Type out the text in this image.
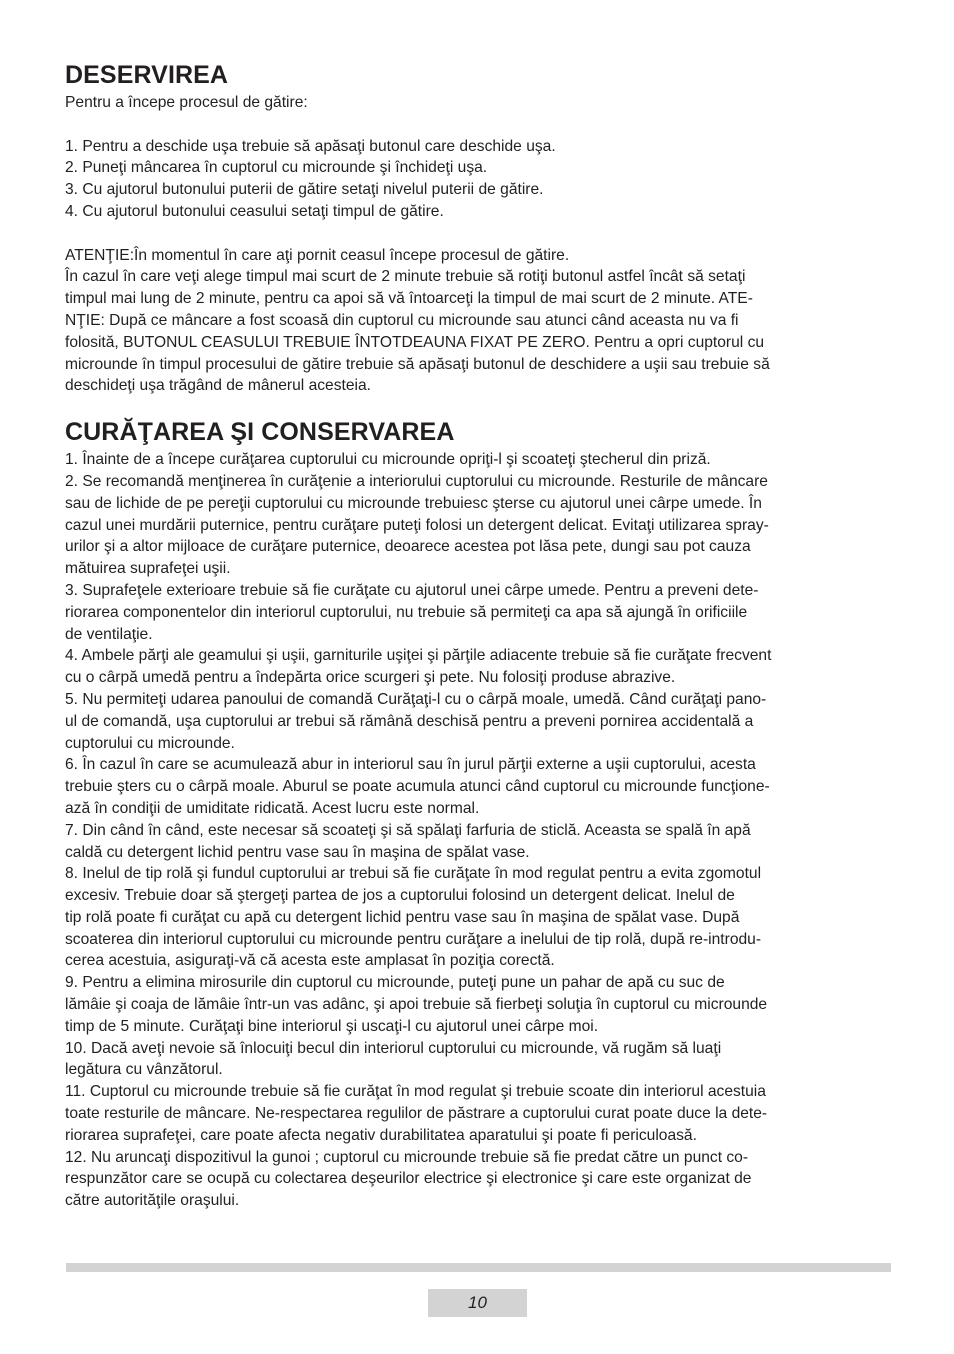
DESERVIREA

Pentru a începe procesul de gătire:

1. Pentru a deschide uşa trebuie să apăsaţi butonul care deschide uşa.

2. Puneţi mâncarea în cuptorul cu microunde şi închideţi uşa.

3. Cu ajutorul butonului puterii de gătire setaţi nivelul puterii de gătire.

4. Cu ajutorul butonului ceasului setaţi timpul de gătire.

ATENŢIE:În momentul în care aţi pornit ceasul începe procesul de gătire.

În cazul în care veţi alege timpul mai scurt de 2 minute trebuie să rotiţi butonul astfel încât să setaţi

timpul mai lung de 2 minute, pentru ca apoi să vă întoarceţi la timpul de mai scurt de 2 minute. ATE-

NŢIE: După ce mâncare a fost scoasă din cuptorul cu microunde sau atunci când aceasta nu va fi

folosită, BUTONUL CEASULUI TREBUIE ÎNTOTDEAUNA FIXAT PE ZERO. Pentru a opri cuptorul cu

microunde în timpul procesului de gătire trebuie să apăsaţi butonul de deschidere a uşii sau trebuie să

deschideţi uşa trăgând de mânerul acesteia.

CURĂŢAREA ŞI CONSERVAREA

1. Înainte de a începe curăţarea cuptorului cu microunde opriţi-l şi scoateţi ştecherul din priză.

2. Se recomandă menţinerea în curăţenie a interiorului cuptorului cu microunde. Resturile de mâncare

sau de lichide de pe pereţii cuptorului cu microunde trebuiesc şterse cu ajutorul unei cârpe umede. În

cazul unei murdării puternice, pentru curăţare puteţi folosi un detergent delicat. Evitaţi utilizarea spray-

urilor şi a altor mijloace de curăţare puternice, deoarece acestea pot lăsa pete, dungi sau pot cauza

mătuirea suprafeţei uşii.

3. Suprafeţele exterioare trebuie să fie curăţate cu ajutorul unei cârpe umede. Pentru a preveni dete-

riorarea componentelor din interiorul cuptorului, nu trebuie să permiteţi ca apa să ajungă în orificiile

de ventilaţie.

4. Ambele părţi ale geamului şi uşii, garniturile uşiţei şi părţile adiacente trebuie să fie curăţate frecvent

cu o cârpă umedă pentru a îndepărta orice scurgeri şi pete. Nu folosiţi produse abrazive.

5. Nu permiteţi udarea panoului de comandă Curăţaţi-l cu o cârpă moale, umedă. Când curăţaţi pano-

ul de comandă, uşa cuptorului ar trebui să rămână deschisă pentru a preveni pornirea accidentală a

cuptorului cu microunde.

6. În cazul în care se acumulează abur in interiorul sau în jurul părţii externe a uşii cuptorului, acesta

trebuie şters cu o cârpă moale. Aburul se poate acumula atunci când cuptorul cu microunde funcţione-

ază în condiţii de umiditate ridicată. Acest lucru este normal.

7. Din când în când, este necesar să scoateţi şi să spălaţi farfuria de sticlă. Aceasta se spală în apă

caldă cu detergent lichid pentru vase sau în maşina de spălat vase.

8. Inelul de tip rolă şi fundul cuptorului ar trebui să fie curăţate în mod regulat pentru a evita zgomotul

excesiv. Trebuie doar să ştergeţi partea de jos a cuptorului folosind un detergent delicat. Inelul de

tip rolă poate fi curăţat cu apă cu detergent lichid pentru vase sau în maşina de spălat vase. După

scoaterea din interiorul cuptorului cu microunde pentru curăţare a inelului de tip rolă, după re-introdu-

cerea acestuia, asiguraţi-vă că acesta este amplasat în poziţia corectă.

9. Pentru a elimina mirosurile din cuptorul cu microunde, puteţi pune un pahar de apă cu suc de

lămâie şi coaja de lămâie într-un vas adânc, şi apoi trebuie să fierbeţi soluţia în cuptorul cu microunde

timp de 5 minute. Curăţaţi bine interiorul şi uscaţi-l cu ajutorul unei cârpe moi.

10. Dacă aveţi nevoie să înlocuiţi becul din interiorul cuptorului cu microunde, vă rugăm să luaţi

legătura cu vânzătorul.

11. Cuptorul cu microunde trebuie să fie curăţat în mod regulat şi trebuie scoate din interiorul acestuia

toate resturile de mâncare. Ne-respectarea regulilor de păstrare a cuptorului curat poate duce la dete-

riorarea suprafeţei, care poate afecta negativ durabilitatea aparatului şi poate fi periculoasă.

12. Nu aruncaţi dispozitivul la gunoi ; cuptorul cu microunde trebuie să fie predat către un punct co-

respunzător care se ocupă cu colectarea deşeurilor electrice şi electronice şi care este organizat de

către autorităţile oraşului.

10
